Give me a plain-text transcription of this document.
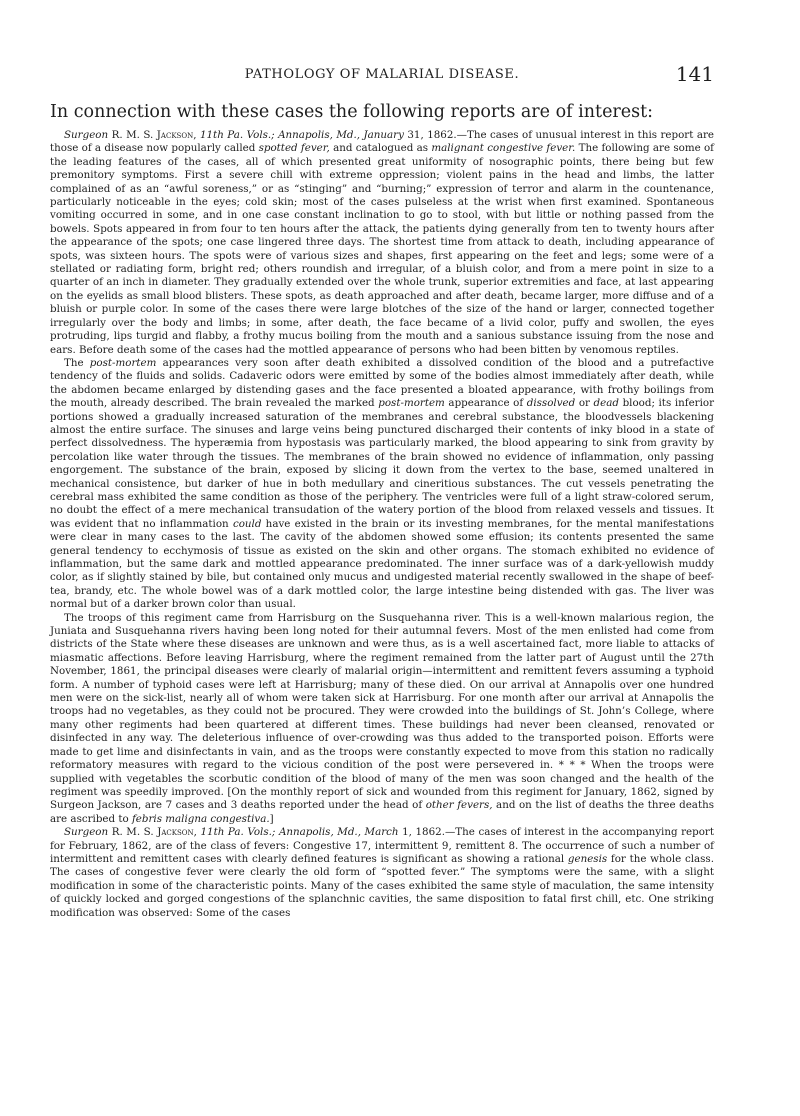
PATHOLOGY OF MALARIAL DISEASE.	141

In connection with these cases the following reports are of interest:

Surgeon R. M. S. Jackson, 11th Pa. Vols.; Annapolis, Md., January 31, 1862.—The cases of unusual interest in this report are those of a disease now popularly called spotted fever, and catalogued as malignant congestive fever. The following are some of the leading features of the cases, all of which presented great uniformity of nosographic points, there being but few premonitory symptoms. First a severe chill with extreme oppression; violent pains in the head and limbs, the latter complained of as an “awful soreness,” or as “stinging” and “burning;” expression of terror and alarm in the countenance, particularly noticeable in the eyes; cold skin; most of the cases pulseless at the wrist when first examined. Spontaneous vomiting occurred in some, and in one case constant inclination to go to stool, with but little or nothing passed from the bowels. Spots appeared in from four to ten hours after the attack, the patients dying generally from ten to twenty hours after the appearance of the spots; one case lingered three days. The shortest time from attack to death, including appearance of spots, was sixteen hours. The spots were of various sizes and shapes, first appearing on the feet and legs; some were of a stellated or radiating form, bright red; others roundish and irregular, of a bluish color, and from a mere point in size to a quarter of an inch in diameter. They gradually extended over the whole trunk, superior extremities and face, at last appearing on the eyelids as small blood blisters. These spots, as death approached and after death, became larger, more diffuse and of a bluish or purple color. In some of the cases there were large blotches of the size of the hand or larger, connected together irregularly over the body and limbs; in some, after death, the face became of a livid color, puffy and swollen, the eyes protruding, lips turgid and flabby, a frothy mucus boiling from the mouth and a sanious substance issuing from the nose and ears. Before death some of the cases had the mottled appearance of persons who had been bitten by venomous reptiles.

The post-mortem appearances very soon after death exhibited a dissolved condition of the blood and a putrefactive tendency of the fluids and solids. Cadaveric odors were emitted by some of the bodies almost immediately after death, while the abdomen became enlarged by distending gases and the face presented a bloated appearance, with frothy boilings from the mouth, already described. The brain revealed the marked post-mortem appearance of dissolved or dead blood; its inferior portions showed a gradually increased saturation of the membranes and cerebral substance, the bloodvessels blackening almost the entire surface. The sinuses and large veins being punctured discharged their contents of inky blood in a state of perfect dissolvedness. The hyperæmia from hypostasis was particularly marked, the blood appearing to sink from gravity by percolation like water through the tissues. The membranes of the brain showed no evidence of inflammation, only passing engorgement. The substance of the brain, exposed by slicing it down from the vertex to the base, seemed unaltered in mechanical consistence, but darker of hue in both medullary and cineritious substances. The cut vessels penetrating the cerebral mass exhibited the same condition as those of the periphery. The ventricles were full of a light straw-colored serum, no doubt the effect of a mere mechanical transudation of the watery portion of the blood from relaxed vessels and tissues. It was evident that no inflammation could have existed in the brain or its investing membranes, for the mental manifestations were clear in many cases to the last. The cavity of the abdomen showed some effusion; its contents presented the same general tendency to ecchymosis of tissue as existed on the skin and other organs. The stomach exhibited no evidence of inflammation, but the same dark and mottled appearance predominated. The inner surface was of a dark-yellowish muddy color, as if slightly stained by bile, but contained only mucus and undigested material recently swallowed in the shape of beef-tea, brandy, etc. The whole bowel was of a dark mottled color, the large intestine being distended with gas. The liver was normal but of a darker brown color than usual.

The troops of this regiment came from Harrisburg on the Susquehanna river. This is a well-known malarious region, the Juniata and Susquehanna rivers having been long noted for their autumnal fevers. Most of the men enlisted had come from districts of the State where these diseases are unknown and were thus, as is a well ascertained fact, more liable to attacks of miasmatic affections. Before leaving Harrisburg, where the regiment remained from the latter part of August until the 27th November, 1861, the principal diseases were clearly of malarial origin—intermittent and remittent fevers assuming a typhoid form. A number of typhoid cases were left at Harrisburg; many of these died. On our arrival at Annapolis over one hundred men were on the sick-list, nearly all of whom were taken sick at Harrisburg. For one month after our arrival at Annapolis the troops had no vegetables, as they could not be procured. They were crowded into the buildings of St. John’s College, where many other regiments had been quartered at different times. These buildings had never been cleansed, renovated or disinfected in any way. The deleterious influence of over-crowding was thus added to the transported poison. Efforts were made to get lime and disinfectants in vain, and as the troops were constantly expected to move from this station no radically reformatory measures with regard to the vicious condition of the post were persevered in. * * * When the troops were supplied with vegetables the scorbutic condition of the blood of many of the men was soon changed and the health of the regiment was speedily improved. [On the monthly report of sick and wounded from this regiment for January, 1862, signed by Surgeon Jackson, are 7 cases and 3 deaths reported under the head of other fevers, and on the list of deaths the three deaths are ascribed to febris maligna congestiva.]

Surgeon R. M. S. Jackson, 11th Pa. Vols.; Annapolis, Md., March 1, 1862.—The cases of interest in the accompanying report for February, 1862, are of the class of fevers: Congestive 17, intermittent 9, remittent 8. The occurrence of such a number of intermittent and remittent cases with clearly defined features is significant as showing a rational genesis for the whole class. The cases of congestive fever were clearly the old form of “spotted fever.” The symptoms were the same, with a slight modification in some of the characteristic points. Many of the cases exhibited the same style of maculation, the same intensity of quickly locked and gorged congestions of the splanchnic cavities, the same disposition to fatal first chill, etc. One striking modification was observed: Some of the cases
